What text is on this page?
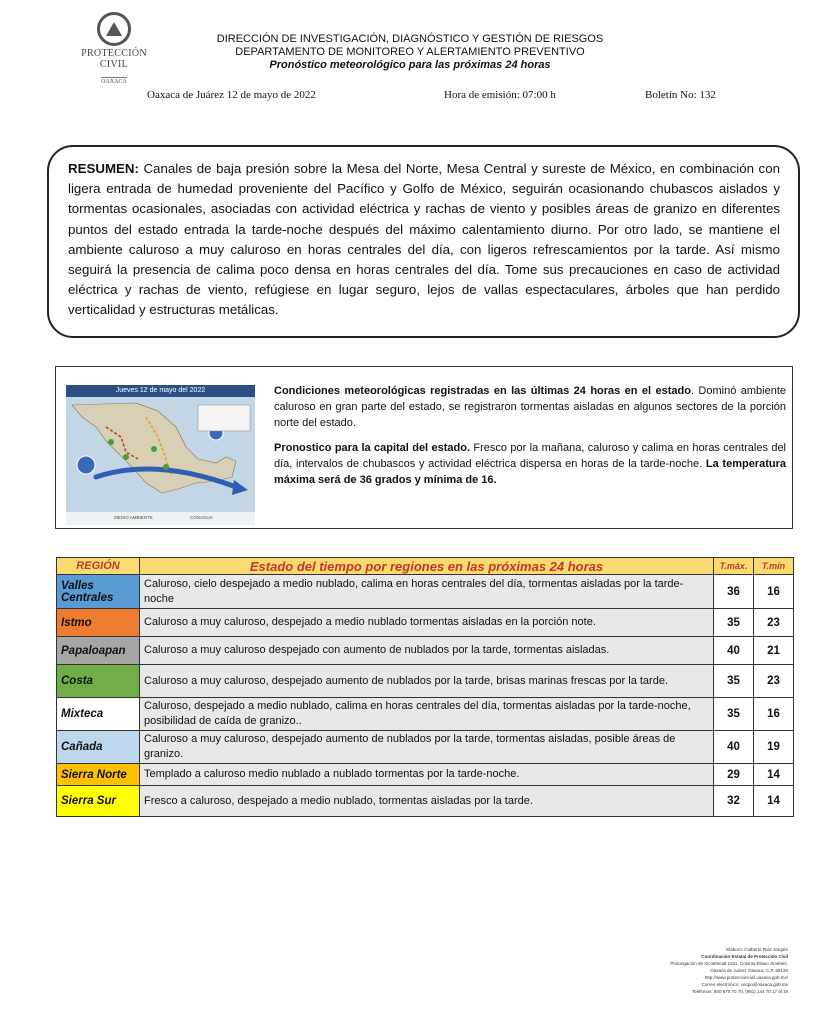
PROTECCIÓN CIVIL
OAXACA
DIRECCIÓN DE INVESTIGACIÓN, DIAGNÓSTICO Y GESTIÓN DE RIESGOS
DEPARTAMENTO DE MONITOREO Y ALERTAMIENTO PREVENTIVO
Pronóstico meteorológico para las próximas 24 horas
Oaxaca de Juárez 12 de mayo de 2022	Hora de emisión: 07:00 h	Boletín No: 132
RESUMEN: Canales de baja presión sobre la Mesa del Norte, Mesa Central y sureste de México, en combinación con ligera entrada de humedad proveniente del Pacífico y Golfo de México, seguirán ocasionando chubascos aislados y tormentas ocasionales, asociadas con actividad eléctrica y rachas de viento y posibles áreas de granizo en diferentes puntos del estado entrada la tarde-noche después del máximo calentamiento diurno. Por otro lado, se mantiene el ambiente caluroso a muy caluroso en horas centrales del día, con ligeros refrescamientos por la tarde. Así mismo seguirá la presencia de calima poco densa en horas centrales del día. Tome sus precauciones en caso de actividad eléctrica y rachas de viento, refúgiese en lugar seguro, lejos de vallas espectaculares, árboles que han perdido verticalidad y estructuras metálicas.
Jueves 12 de mayo del 2022
MEDIO AMBIENTE	CONAGUA

Condiciones meteorológicas registradas en las últimas 24 horas en el estado. Dominó ambiente caluroso en gran parte del estado, se registraron tormentas aisladas en algunos sectores de la porción norte del estado.

Pronostico para la capital del estado. Fresco por la mañana, caluroso y calima en horas centrales del día, intervalos de chubascos y actividad eléctrica dispersa en horas de la tarde-noche. La temperatura máxima será de 36 grados y mínima de 16.

REGIÓN	Estado del tiempo por regiones en las próximas 24 horas	T.máx.	T.mín
Valles Centrales	Caluroso, cielo despejado a medio nublado, calima en horas centrales del día, tormentas aisladas por la tarde-noche	36	16
Istmo	Caluroso a muy caluroso, despejado a medio nublado tormentas aisladas en la porción note.	35	23
Papaloapan	Caluroso a muy caluroso despejado con aumento de nublados por la tarde, tormentas aisladas.	40	21
Costa	Caluroso a muy caluroso, despejado aumento de nublados por la tarde, brisas marinas frescas por la tarde.	35	23
Mixteca	Caluroso, despejado a medio nublado, calima en horas centrales del día, tormentas aisladas por la tarde-noche, posibilidad de caída de granizo..	35	16
Cañada	Caluroso a muy caluroso, despejado aumento de nublados por la tarde, tormentas aisladas, posible áreas de granizo.	40	19
Sierra Norte	Templado a caluroso medio nublado a nublado tormentas por la tarde-noche.	29	14
Sierra Sur	Fresco a caluroso, despejado a medio nublado, tormentas aisladas por la tarde.	32	14
Elaboró: Cutberto Ruiz Jarquín
Coordinación Estatal de Protección Civil
Prolongación de Xicoténcatl 1031, Colonia Eliseo Jiménez,
Oaxaca de Juárez Oaxaca, C.P. 68120
http://www.proteccioncivil.oaxaca.gob.mx/
Correo electrónico: cecpo@oaxaca.gob.mx
Teléfonos: 800 570 70 70, (951) 144 70 17 al 19
